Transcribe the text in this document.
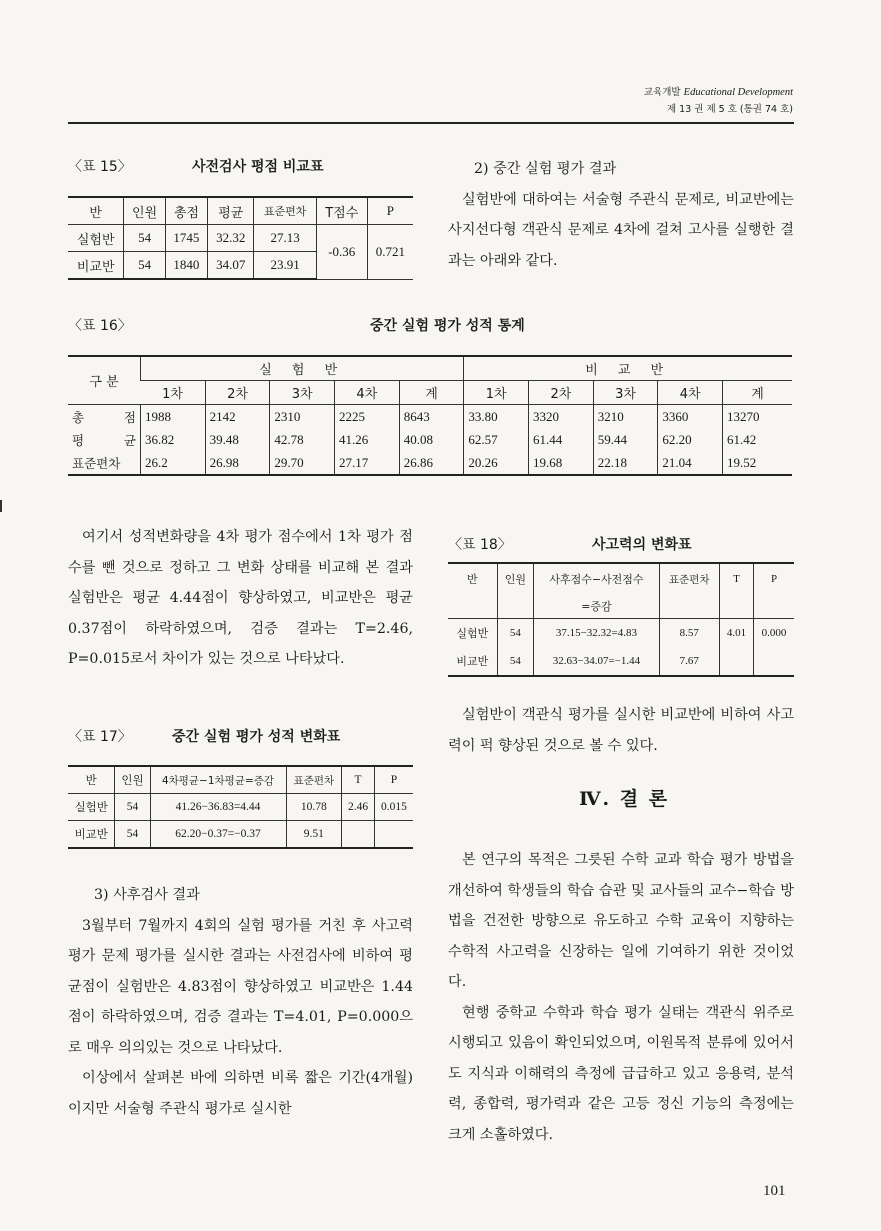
교육개발 Educational Development
제 13 권 제 5 호 (통권 74 호)
〈표 15〉	사전검사 평점 비교표
반	인원	총점	평균	표준편차	T점수	P
실험반	54	1745	32.32	27.13	-0.36	0.721
비교반	54	1840	34.07	23.91		

2) 중간 실험 평가 결과

실험반에 대하여는 서술형 주관식 문제로, 비교반에는 사지선다형 객관식 문제로 4차에 걸쳐 고사를 실행한 결과는 아래와 같다.

〈표 16〉	중간 실험 평가 성적 통계
구 분	실 험 반					비 교 반				
	1차	2차	3차	4차	계	1차	2차	3차	4차	계
총 점	1988	2142	2310	2225	8643	33.80	3320	3210	3360	13270
평 균	36.82	39.48	42.78	41.26	40.08	62.57	61.44	59.44	62.20	61.42
표준편차	26.2	26.98	29.70	27.17	26.86	20.26	19.68	22.18	21.04	19.52

여기서 성적변화량을 4차 평가 점수에서 1차 평가 점수를 뺀 것으로 정하고 그 변화 상태를 비교해 본 결과 실험반은 평균 4.44점이 향상하였고, 비교반은 평균 0.37점이 하락하였으며, 검증 결과는 T=2.46, P=0.015로서 차이가 있는 것으로 나타났다.

〈표 17〉	중간 실험 평가 성적 변화표
반	인원	4차평균−1차평균=증감	표준편차	T	P
실험반	54	41.26−36.83=4.44	10.78	2.46	0.015
비교반	54	62.20−0.37=−0.37	9.51		

3) 사후검사 결과

3월부터 7월까지 4회의 실험 평가를 거친 후 사고력 평가 문제 평가를 실시한 결과는 사전검사에 비하여 평균점이 실험반은 4.83점이 향상하였고 비교반은 1.44점이 하락하였으며, 검증 결과는 T=4.01, P=0.000으로 매우 의의있는 것으로 나타났다.

이상에서 살펴본 바에 의하면 비록 짧은 기간(4개월)이지만 서술형 주관식 평가로 실시한

〈표 18〉	사고력의 변화표
반	인원	사후점수−사전점수	표준편차	T	P
		=증감			
실험반	54	37.15−32.32=4.83	8.57	4.01	0.000
비교반	54	32.63−34.07=−1.44	7.67		

실험반이 객관식 평가를 실시한 비교반에 비하여 사고력이 퍽 향상된 것으로 볼 수 있다.

Ⅳ. 결 론

본 연구의 목적은 그릇된 수학 교과 학습 평가 방법을 개선하여 학생들의 학습 습관 및 교사들의 교수−학습 방법을 건전한 방향으로 유도하고 수학 교육이 지향하는 수학적 사고력을 신장하는 일에 기여하기 위한 것이었다.

현행 중학교 수학과 학습 평가 실태는 객관식 위주로 시행되고 있음이 확인되었으며, 이원목적 분류에 있어서도 지식과 이해력의 측정에 급급하고 있고 응용력, 분석력, 종합력, 평가력과 같은 고등 정신 기능의 측정에는 크게 소홀하였다.

101
